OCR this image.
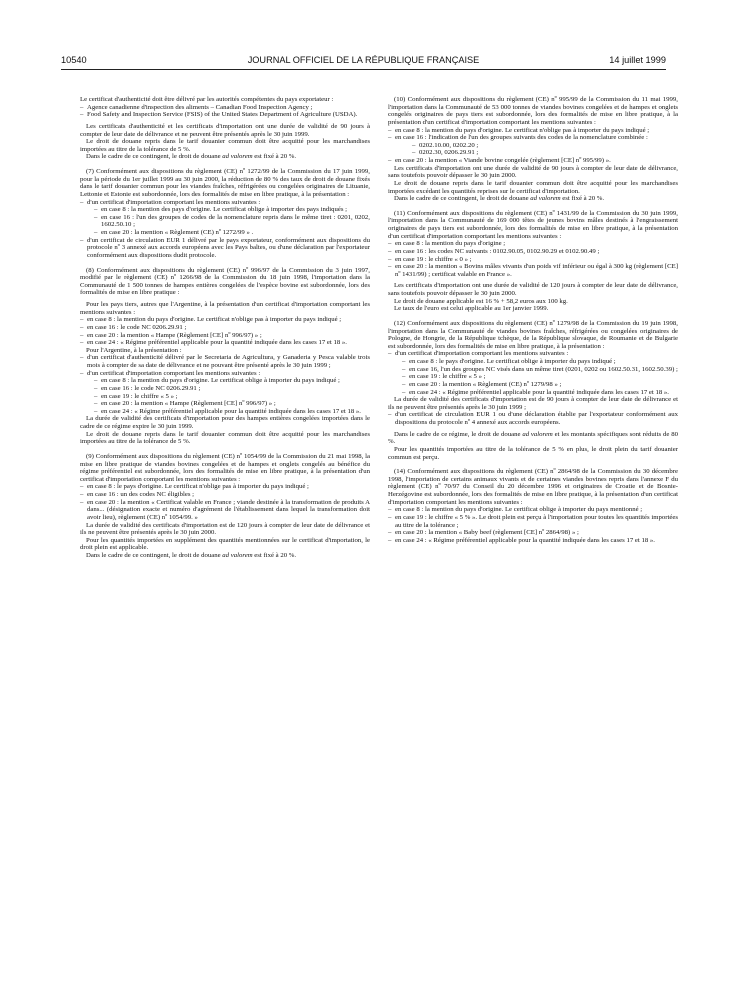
10540	JOURNAL OFFICIEL DE LA RÉPUBLIQUE FRANÇAISE	14 juillet 1999

Le certificat d'authenticité doit être délivré par les autorités compétentes du pays exportateur :

– Agence canadienne d'inspection des aliments – Canadian Food Inspection Agency ;
– Food Safety and Inspection Service (FSIS) of the United States Department of Agriculture (USDA).

Les certificats d'authenticité et les certificats d'importation ont une durée de validité de 90 jours à compter de leur date de délivrance et ne peuvent être présentés après le 30 juin 1999.

Le droit de douane repris dans le tarif douanier commun doit être acquitté pour les marchandises importées au titre de la tolérance de 5 %.

Dans le cadre de ce contingent, le droit de douane ad valorem est fixé à 20 %.

(7) Conformément aux dispositions du règlement (CE) nº 1272/99 de la Commission du 17 juin 1999, pour la période du 1er juillet 1999 au 30 juin 2000, la réduction de 80 % des taux de droit de douane fixés dans le tarif douanier commun pour les viandes fraîches, réfrigérées ou congelées originaires de Lituanie, Lettonie et Estonie est subordonnée, lors des formalités de mise en libre pratique, à la présentation :

– d'un certificat d'importation comportant les mentions suivantes :
– en case 8 : la mention des pays d'origine. Le certificat oblige à importer des pays indiqués ;
– en case 16 : l'un des groupes de codes de la nomenclature repris dans le même tiret : 0201, 0202, 1602.50.10 ;
– en case 20 : la mention « Règlement (CE) nº 1272/99 » .
– d'un certificat de circulation EUR 1 délivré par le pays exportateur, conformément aux dispositions du protocole nº 3 annexé aux accords européens avec les Pays baltes, ou d'une déclaration par l'exportateur conformément aux dispositions dudit protocole.

(8) Conformément aux dispositions du règlement (CE) nº 996/97 de la Commission du 3 juin 1997, modifié par le règlement (CE) nº 1266/98 de la Commission du 18 juin 1998, l'importation dans la Communauté de 1 500 tonnes de hampes entières congelées de l'espèce bovine est subordonnée, lors des formalités de mise en libre pratique :

Pour les pays tiers, autres que l'Argentine, à la présentation d'un certificat d'importation comportant les mentions suivantes :

– en case 8 : la mention du pays d'origine. Le certificat n'oblige pas à importer du pays indiqué ;
– en case 16 : le code NC 0206.29.91 ;
– en case 20 : la mention « Hampe (Règlement [CE] nº 996/97) » ;
– en case 24 : « Régime préférentiel applicable pour la quantité indiquée dans les cases 17 et 18 ».

Pour l'Argentine, à la présentation :

– d'un certificat d'authenticité délivré par le Secretaria de Agricultura, y Ganaderia y Pesca valable trois mois à compter de sa date de délivrance et ne pouvant être présenté après le 30 juin 1999 ;
– d'un certificat d'importation comportant les mentions suivantes :
– en case 8 : la mention du pays d'origine. Le certificat oblige à importer du pays indiqué ;
– en case 16 : le code NC 0206.29.91 ;
– en case 19 : le chiffre « 5 » ;
– en case 20 : la mention « Hampe (Règlement [CE] nº 996/97) » ;
– en case 24 : « Régime préférentiel applicable pour la quantité indiquée dans les cases 17 et 18 ».

La durée de validité des certificats d'importation pour des hampes entières congelées importées dans le cadre de ce régime expire le 30 juin 1999.

Le droit de douane repris dans le tarif douanier commun doit être acquitté pour les marchandises importées au titre de la tolérance de 5 %.

(9) Conformément aux dispositions du règlement (CE) nº 1054/99 de la Commission du 21 mai 1998, la mise en libre pratique de viandes bovines congelées et de hampes et onglets congelés au bénéfice du régime préférentiel est subordonnée, lors des formalités de mise en libre pratique, à la présentation d'un certificat d'importation comportant les mentions suivantes :

– en case 8 : le pays d'origine. Le certificat n'oblige pas à importer du pays indiqué ;
– en case 16 : un des codes NC éligibles ;
– en case 20 : la mention « Certificat valable en France ; viande destinée à la transformation de produits A dans... (désignation exacte et numéro d'agrément de l'établissement dans lequel la transformation doit avoir lieu), règlement (CE) nº 1054/99. »

La durée de validité des certificats d'importation est de 120 jours à compter de leur date de délivrance et ils ne peuvent être présentés après le 30 juin 2000.

Pour les quantités importées en supplément des quantités mentionnées sur le certificat d'importation, le droit plein est applicable.

Dans le cadre de ce contingent, le droit de douane ad valorem est fixé à 20 %.

(10) Conformément aux dispositions du règlement (CE) nº 995/99 de la Commission du 11 mai 1999, l'importation dans la Communauté de 53 000 tonnes de viandes bovines congelées et de hampes et onglets congelés originaires de pays tiers est subordonnée, lors des formalités de mise en libre pratique, à la présentation d'un certificat d'importation comportant les mentions suivantes :

– en case 8 : la mention du pays d'origine. Le certificat n'oblige pas à importer du pays indiqué ;
– en case 16 : l'indication de l'un des groupes suivants des codes de la nomenclature combinée :
– 0202.10.00, 0202.20 ;
– 0202.30, 0206.29.91 ;
– en case 20 : la mention « Viande bovine congelée (règlement [CE] nº 995/99) ».

Les certificats d'importation ont une durée de validité de 90 jours à compter de leur date de délivrance, sans toutefois pouvoir dépasser le 30 juin 2000.

Le droit de douane repris dans le tarif douanier commun doit être acquitté pour les marchandises importées excédant les quantités reprises sur le certificat d'importation.

Dans le cadre de ce contingent, le droit de douane ad valorem est fixé à 20 %.

(11) Conformément aux dispositions du règlement (CE) nº 1431/99 de la Commission du 30 juin 1999, l'importation dans la Communauté de 169 000 têtes de jeunes bovins mâles destinés à l'engraissement originaires de pays tiers est subordonnée, lors des formalités de mise en libre pratique, à la présentation d'un certificat d'importation comportant les mentions suivantes :

– en case 8 : la mention du pays d'origine ;
– en case 16 : les codes NC suivants : 0102.90.05, 0102.90.29 et 0102.90.49 ;
– en case 19 : le chiffre « 0 » ;
– en case 20 : la mention « Bovins mâles vivants d'un poids vif inférieur ou égal à 300 kg (règlement [CE] nº 1431/99) ; certificat valable en France ».

Les certificats d'importation ont une durée de validité de 120 jours à compter de leur date de délivrance, sans toutefois pouvoir dépasser le 30 juin 2000.

Le droit de douane applicable est 16 % + 58,2 euros aux 100 kg.

Le taux de l'euro est celui applicable au 1er janvier 1999.

(12) Conformément aux dispositions du règlement (CE) nº 1279/98 de la Commission du 19 juin 1998, l'importation dans la Communauté de viandes bovines fraîches, réfrigérées ou congelées originaires de Pologne, de Hongrie, de la République tchèque, de la République slovaque, de Roumanie et de Bulgarie est subordonnée, lors des formalités de mise en libre pratique, à la présentation :

– d'un certificat d'importation comportant les mentions suivantes :
– en case 8 : le pays d'origine. Le certificat oblige à importer du pays indiqué ;
– en case 16, l'un des groupes NC visés dans un même tiret (0201, 0202 ou 1602.50.31, 1602.50.39) ;
– en case 19 : le chiffre « 5 » ;
– en case 20 : la mention « Règlement (CE) nº 1279/98 » ;
– en case 24 : « Régime préférentiel applicable pour la quantité indiquée dans les cases 17 et 18 ».

La durée de validité des certificats d'importation est de 90 jours à compter de leur date de délivrance et ils ne peuvent être présentés après le 30 juin 1999 ;

– d'un certificat de circulation EUR 1 ou d'une déclaration établie par l'exportateur conformément aux dispositions du protocole nº 4 annexé aux accords européens.

Dans le cadre de ce régime, le droit de douane ad valorem et les montants spécifiques sont réduits de 80 %.

Pour les quantités importées au titre de la tolérance de 5 % en plus, le droit plein du tarif douanier commun est perçu.

(14) Conformément aux dispositions du règlement (CE) nº 2864/98 de la Commission du 30 décembre 1998, l'importation de certains animaux vivants et de certaines viandes bovines repris dans l'annexe F du règlement (CE) nº 70/97 du Conseil du 20 décembre 1996 et originaires de Croatie et de Bosnie-Herzégovine est subordonnée, lors des formalités de mise en libre pratique, à la présentation d'un certificat d'importation comportant les mentions suivantes :

– en case 8 : la mention du pays d'origine. Le certificat oblige à importer du pays mentionné ;
– en case 19 : le chiffre « 5 % ». Le droit plein est perçu à l'importation pour toutes les quantités importées au titre de la tolérance ;
– en case 20 : la mention « Baby beef (règlement [CE] nº 2864/98) » ;
– en case 24 : « Régime préférentiel applicable pour la quantité indiquée dans les cases 17 et 18 ».
